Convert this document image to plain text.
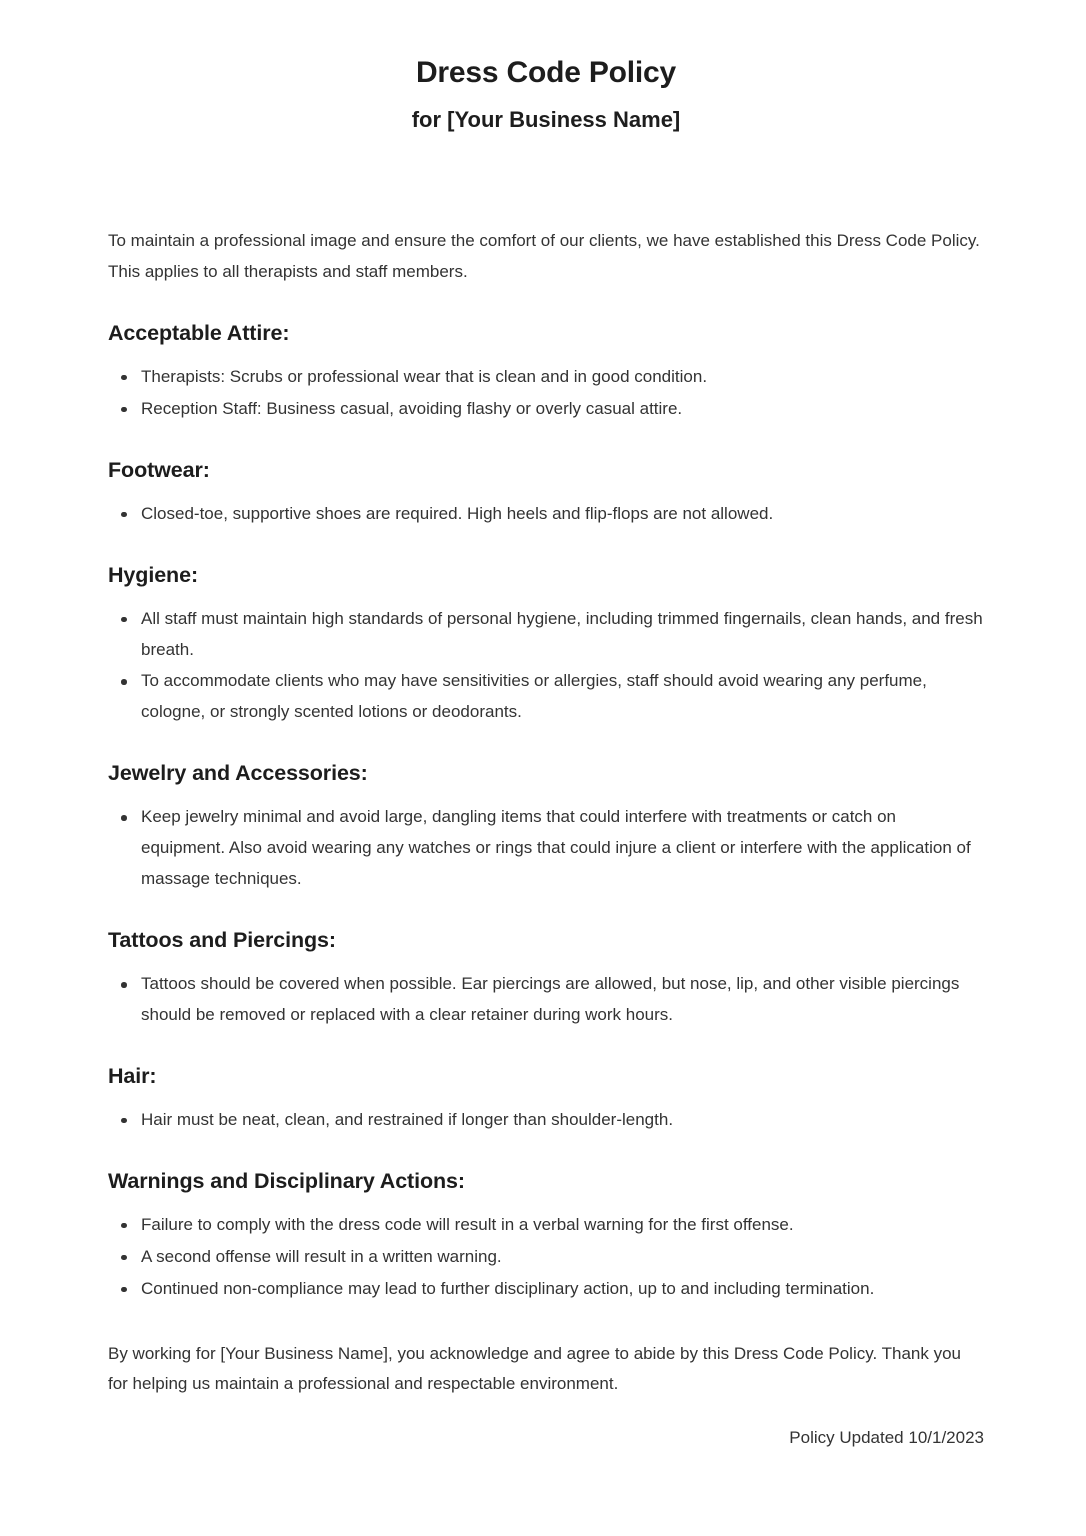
Dress Code Policy
for [Your Business Name]

To maintain a professional image and ensure the comfort of our clients, we have established this Dress Code Policy. This applies to all therapists and staff members.

Acceptable Attire:
Therapists: Scrubs or professional wear that is clean and in good condition.
Reception Staff: Business casual, avoiding flashy or overly casual attire.
Footwear:
Closed-toe, supportive shoes are required. High heels and flip-flops are not allowed.
Hygiene:
All staff must maintain high standards of personal hygiene, including trimmed fingernails, clean hands, and fresh breath.
To accommodate clients who may have sensitivities or allergies, staff should avoid wearing any perfume, cologne, or strongly scented lotions or deodorants.
Jewelry and Accessories:
Keep jewelry minimal and avoid large, dangling items that could interfere with treatments or catch on equipment. Also avoid wearing any watches or rings that could injure a client or interfere with the application of massage techniques.
Tattoos and Piercings:
Tattoos should be covered when possible. Ear piercings are allowed, but nose, lip, and other visible piercings should be removed or replaced with a clear retainer during work hours.
Hair:
Hair must be neat, clean, and restrained if longer than shoulder-length.
Warnings and Disciplinary Actions:
Failure to comply with the dress code will result in a verbal warning for the first offense.
A second offense will result in a written warning.
Continued non-compliance may lead to further disciplinary action, up to and including termination.

By working for [Your Business Name], you acknowledge and agree to abide by this Dress Code Policy. Thank you for helping us maintain a professional and respectable environment.

Policy Updated 10/1/2023
